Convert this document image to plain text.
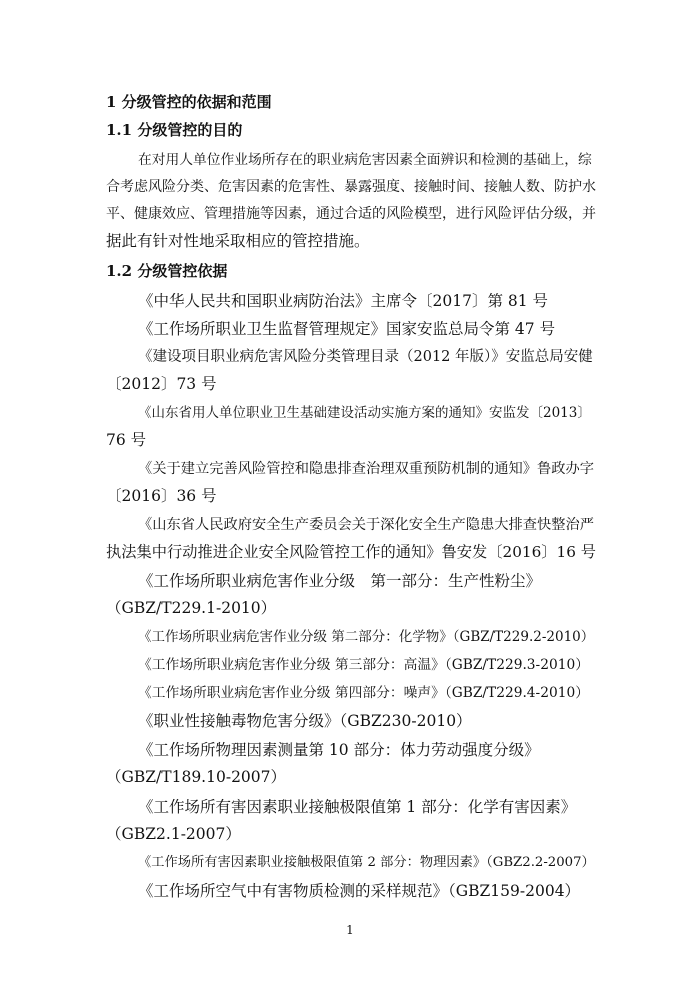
1 分级管控的依据和范围

1.1 分级管控的目的

在对用人单位作业场所存在的职业病危害因素全面辨识和检测的基础上，综

合考虑风险分类、危害因素的危害性、暴露强度、接触时间、接触人数、防护水

平、健康效应、管理措施等因素，通过合适的风险模型，进行风险评估分级，并

据此有针对性地采取相应的管控措施。

1.2 分级管控依据

《中华人民共和国职业病防治法》主席令〔2017〕第 81 号

《工作场所职业卫生监督管理规定》国家安监总局令第 47 号

《建设项目职业病危害风险分类管理目录（2012 年版）》安监总局安健

〔2012〕73 号

《山东省用人单位职业卫生基础建设活动实施方案的通知》安监发〔2013〕

76 号

《关于建立完善风险管控和隐患排查治理双重预防机制的通知》鲁政办字

〔2016〕36 号

《山东省人民政府安全生产委员会关于深化安全生产隐患大排查快整治严

执法集中行动推进企业安全风险管控工作的通知》鲁安发〔2016〕16 号

《工作场所职业病危害作业分级　第一部分：生产性粉尘》

（GBZ/T229.1-2010）

《工作场所职业病危害作业分级 第二部分：化学物》（GBZ/T229.2-2010）

《工作场所职业病危害作业分级 第三部分：高温》（GBZ/T229.3-2010）

《工作场所职业病危害作业分级 第四部分：噪声》（GBZ/T229.4-2010）

《职业性接触毒物危害分级》（GBZ230-2010）

《工作场所物理因素测量第 10 部分：体力劳动强度分级》

（GBZ/T189.10-2007）

《工作场所有害因素职业接触极限值第 1 部分：化学有害因素》

（GBZ2.1-2007）

《工作场所有害因素职业接触极限值第 2 部分：物理因素》（GBZ2.2-2007）

《工作场所空气中有害物质检测的采样规范》（GBZ159-2004）

1
